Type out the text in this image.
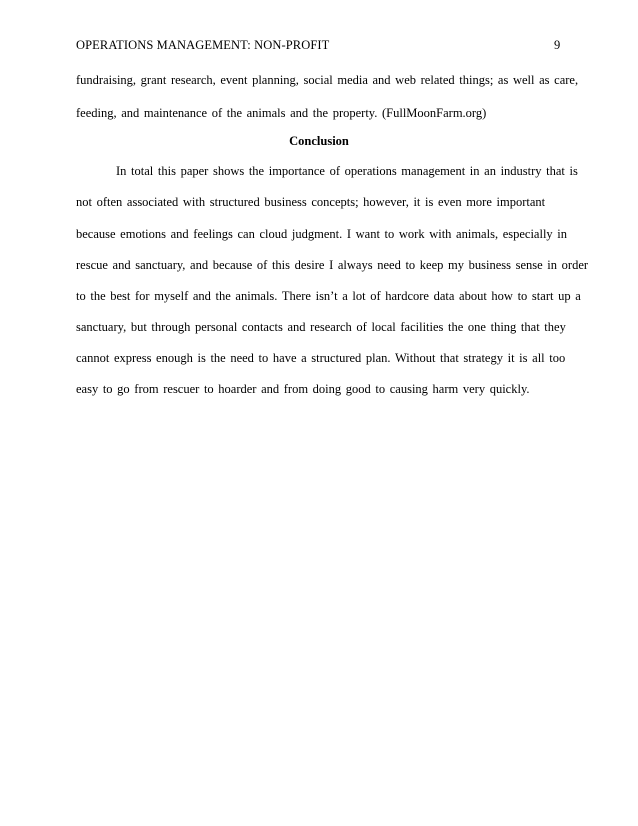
OPERATIONS MANAGEMENT: NON-PROFIT	9
fundraising, grant research, event planning, social media and web related things; as well as care,
feeding, and maintenance of the animals and the property. (FullMoonFarm.org)
Conclusion
In total this paper shows the importance of operations management in an industry that is
not often associated with structured business concepts; however, it is even more important
because emotions and feelings can cloud judgment. I want to work with animals, especially in
rescue and sanctuary, and because of this desire I always need to keep my business sense in order
to the best for myself and the animals. There isn’t a lot of hardcore data about how to start up a
sanctuary, but through personal contacts and research of local facilities the one thing that they
cannot express enough is the need to have a structured plan. Without that strategy it is all too
easy to go from rescuer to hoarder and from doing good to causing harm very quickly.
